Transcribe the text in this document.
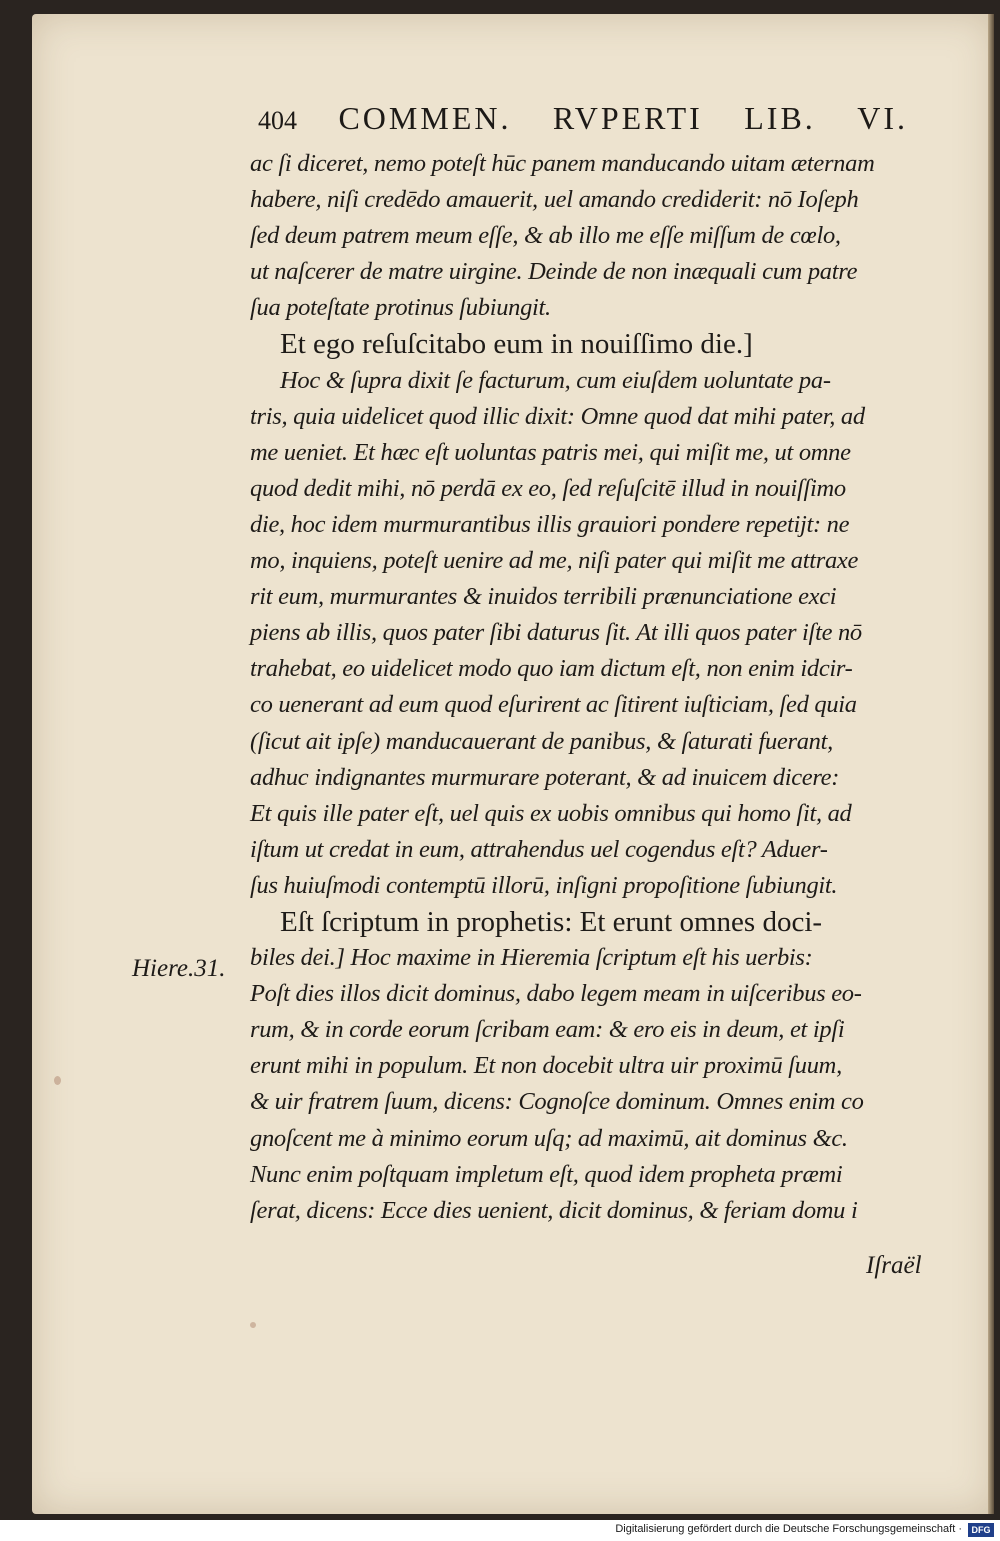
404 COMMEN. RVPERTI LIB. VI.
ac ſi diceret, nemo poteſt hūc panem manducando uitam æternam
habere, niſi credēdo amauerit, uel amando crediderit: nō Ioſeph
ſed deum patrem meum eſſe, & ab illo me eſſe miſſum de cœlo,
ut naſcerer de matre uirgine. Deinde de non inæquali cum patre
ſua poteſtate protinus ſubiungit.
Et ego reſuſcitabo eum in nouiſſimo die.]
Hoc & ſupra dixit ſe facturum, cum eiuſdem uoluntate pa-
tris, quia uidelicet quod illic dixit: Omne quod dat mihi pater, ad
me ueniet. Et hæc eſt uoluntas patris mei, qui miſit me, ut omne
quod dedit mihi, nō perdā ex eo, ſed reſuſcitē illud in nouiſſimo
die, hoc idem murmurantibus illis grauiori pondere repetijt: ne
mo, inquiens, poteſt uenire ad me, niſi pater qui miſit me attraxe
rit eum, murmurantes & inuidos terribili prænunciatione exci
piens ab illis, quos pater ſibi daturus ſit. At illi quos pater iſte nō
trahebat, eo uidelicet modo quo iam dictum eſt, non enim idcir-
co uenerant ad eum quod eſurirent ac ſitirent iuſticiam, ſed quia
(ſicut ait ipſe) manducauerant de panibus, & ſaturati fuerant,
adhuc indignantes murmurare poterant, & ad inuicem dicere:
Et quis ille pater eſt, uel quis ex uobis omnibus qui homo ſit, ad
iſtum ut credat in eum, attrahendus uel cogendus eſt? Aduer-
ſus huiuſmodi contemptū illorū, inſigni propoſitione ſubiungit.
Eſt ſcriptum in prophetis: Et erunt omnes doci-
biles dei.] Hoc maxime in Hieremia ſcriptum eſt his uerbis:
Poſt dies illos dicit dominus, dabo legem meam in uiſceribus eo-
rum, & in corde eorum ſcribam eam: & ero eis in deum, et ipſi
erunt mihi in populum. Et non docebit ultra uir proximū ſuum,
& uir fratrem ſuum, dicens: Cognoſce dominum. Omnes enim co
gnoſcent me à minimo eorum uſq; ad maximū, ait dominus &c.
Nunc enim poſtquam impletum eſt, quod idem propheta præmi
ſerat, dicens: Ecce dies uenient, dicit dominus, & feriam domu i
Hiere.31.
Iſraël
Digitalisierung gefördert durch die Deutsche Forschungsgemeinschaft ·	DFG
